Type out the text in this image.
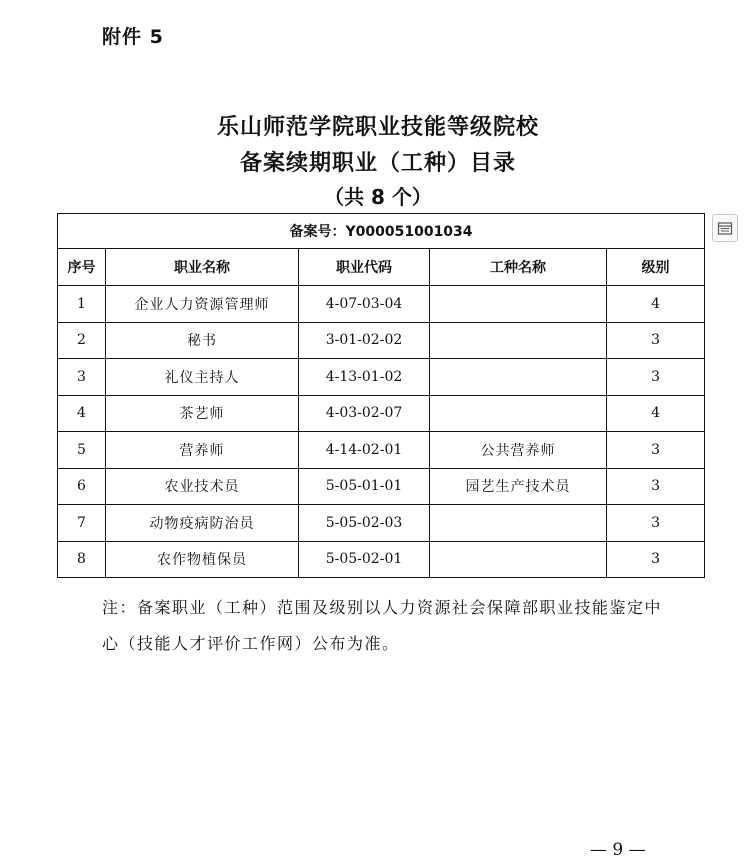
附件 5
乐山师范学院职业技能等级院校
备案续期职业（工种）目录
（共 8 个）
备案号：Y000051001034				
序号	职业名称	职业代码	工种名称	级别
1	企业人力资源管理师	4-07-03-04		4
2	秘书	3-01-02-02		3
3	礼仪主持人	4-13-01-02		3
4	茶艺师	4-03-02-07		4
5	营养师	4-14-02-01	公共营养师	3
6	农业技术员	5-05-01-01	园艺生产技术员	3
7	动物疫病防治员	5-05-02-03		3
8	农作物植保员	5-05-02-01		3
注：备案职业（工种）范围及级别以人力资源社会保障部职业技能鉴定中心（技能人才评价工作网）公布为准。
— 9 —
